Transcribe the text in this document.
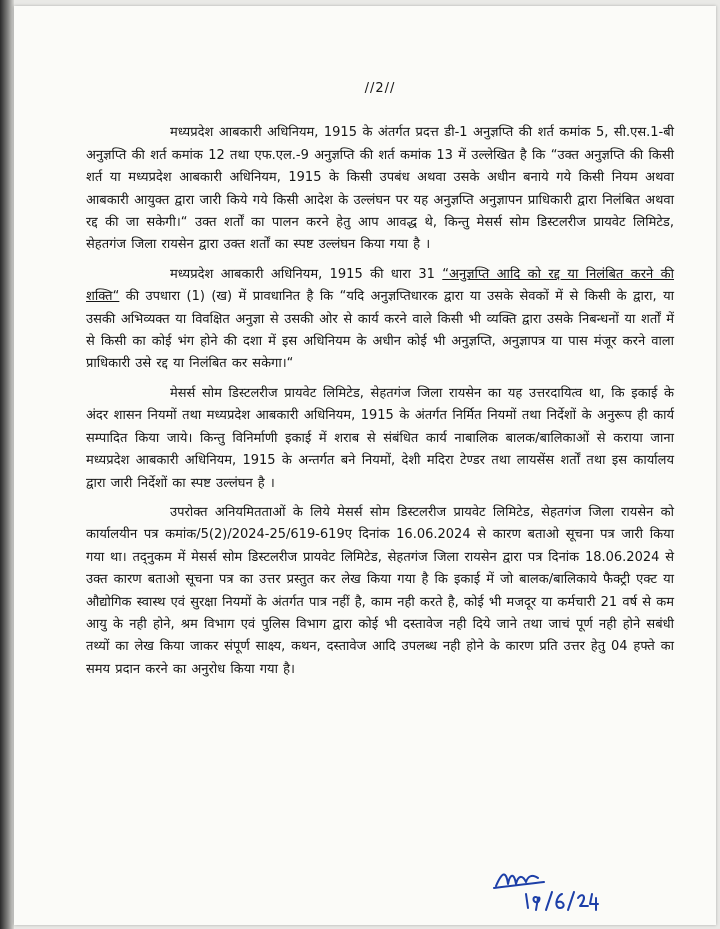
//2//

मध्यप्रदेश आबकारी अधिनियम, 1915 के अंतर्गत प्रदत्त डी-1 अनुज्ञप्ति की शर्त कमांक 5, सी.एस.1-बी अनुज्ञप्ति की शर्त कमांक 12 तथा एफ.एल.-9 अनुज्ञप्ति की शर्त कमांक 13 में उल्लेखित है कि “उक्त अनुज्ञप्ति की किसी शर्त या मध्यप्रदेश आबकारी अधिनियम, 1915 के किसी उपबंध अथवा उसके अधीन बनाये गये किसी नियम अथवा आबकारी आयुक्त द्वारा जारी किये गये किसी आदेश के उल्लंघन पर यह अनुज्ञप्ति अनुज्ञापन प्राधिकारी द्वारा निलंबित अथवा रद्द की जा सकेगी।“ उक्त शर्तों का पालन करने हेतु आप आवद्ध थे, किन्तु मेसर्स सोम डिस्टलरीज प्रायवेट लिमिटेड, सेहतगंज जिला रायसेन द्वारा उक्त शर्तों का स्पष्ट उल्लंघन किया गया है ।

मध्यप्रदेश आबकारी अधिनियम, 1915 की धारा 31 “अनुज्ञप्ति आदि को रद्द या निलंबित करने की शक्ति“ की उपधारा (1) (ख) में प्रावधानित है कि “यदि अनुज्ञप्तिधारक द्वारा या उसके सेवकों में से किसी के द्वारा, या उसकी अभिव्यक्त या विवक्षित अनुज्ञा से उसकी ओर से कार्य करने वाले किसी भी व्यक्ति द्वारा उसके निबन्धनों या शर्तों में से किसी का कोई भंग होने की दशा में इस अधिनियम के अधीन कोई भी अनुज्ञप्ति, अनुज्ञापत्र या पास मंजूर करने वाला प्राधिकारी उसे रद्द या निलंबित कर सकेगा।“

मेसर्स सोम डिस्टलरीज प्रायवेट लिमिटेड, सेहतगंज जिला रायसेन का यह उत्तरदायित्व था, कि इकाई के अंदर शासन नियमों तथा मध्यप्रदेश आबकारी अधिनियम, 1915 के अंतर्गत निर्मित नियमों तथा निर्देशों के अनुरूप ही कार्य सम्पादित किया जाये। किन्तु विनिर्माणी इकाई में शराब से संबंधित कार्य नाबालिक बालक/बालिकाओं से कराया जाना मध्यप्रदेश आबकारी अधिनियम, 1915 के अन्तर्गत बने नियमों, देशी मदिरा टेण्डर तथा लायसेंस शर्तों तथा इस कार्यालय द्वारा जारी निर्देशों का स्पष्ट उल्लंघन है ।

उपरोक्त अनियमितताओं के लिये मेसर्स सोम डिस्टलरीज प्रायवेट लिमिटेड, सेहतगंज जिला रायसेन को कार्यालयीन पत्र कमांक/5(2)/2024-25/619-619ए दिनांक 16.06.2024 से कारण बताओ सूचना पत्र जारी किया गया था। तद्नुकम में मेसर्स सोम डिस्टलरीज प्रायवेट लिमिटेड, सेहतगंज जिला रायसेन द्वारा पत्र दिनांक 18.06.2024 से उक्त कारण बताओ सूचना पत्र का उत्तर प्रस्तुत कर लेख किया गया है कि इकाई में जो बालक/बालिकाये फैक्ट्री एक्ट या औद्योगिक स्वास्थ एवं सुरक्षा नियमों के अंतर्गत पात्र नहीं है, काम नही करते है, कोई भी मजदूर या कर्मचारी 21 वर्ष से कम आयु के नही होने, श्रम विभाग एवं पुलिस विभाग द्वारा कोई भी दस्तावेज नही दिये जाने तथा जाचं पूर्ण नही होने सबंधी तथ्यों का लेख किया जाकर संपूर्ण साक्ष्य, कथन, दस्तावेज आदि उपलब्ध नही होने के कारण प्रति उत्तर हेतु 04 हफ्ते का समय प्रदान करने का अनुरोध किया गया है।
